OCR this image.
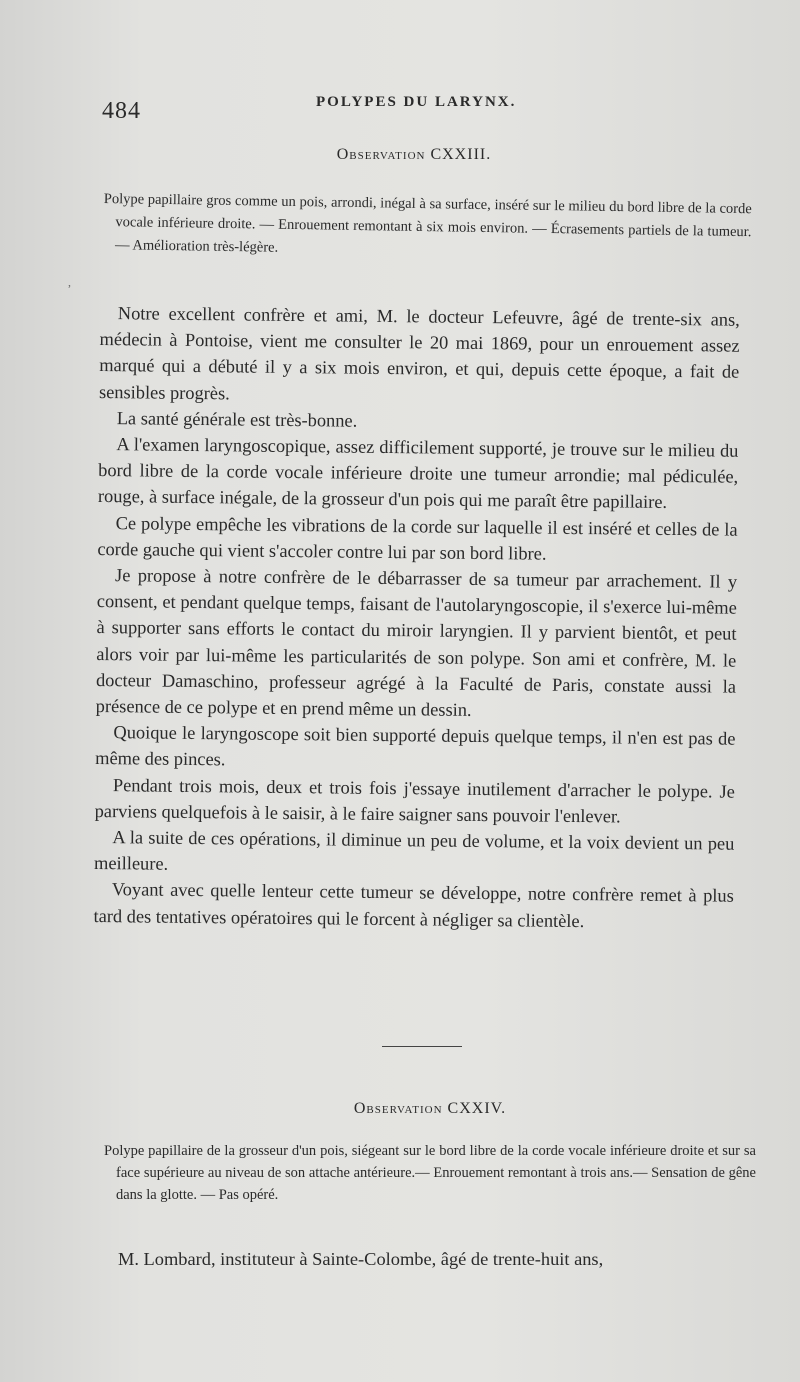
484	POLYPES DU LARYNX.
Observation CXXIII.
Polype papillaire gros comme un pois, arrondi, inégal à sa surface, inséré sur le milieu du bord libre de la corde vocale inférieure droite. — Enrouement remontant à six mois environ. — Écrasements partiels de la tumeur. — Amélioration très-légère.
,

Notre excellent confrère et ami, M. le docteur Lefeuvre, âgé de trente-six ans, médecin à Pontoise, vient me consulter le 20 mai 1869, pour un enrouement assez marqué qui a débuté il y a six mois environ, et qui, depuis cette époque, a fait de sensibles progrès.

La santé générale est très-bonne.

A l'examen laryngoscopique, assez difficilement supporté, je trouve sur le milieu du bord libre de la corde vocale inférieure droite une tumeur arrondie; mal pédiculée, rouge, à surface inégale, de la grosseur d'un pois qui me paraît être papillaire.

Ce polype empêche les vibrations de la corde sur laquelle il est inséré et celles de la corde gauche qui vient s'accoler contre lui par son bord libre.

Je propose à notre confrère de le débarrasser de sa tumeur par arrachement. Il y consent, et pendant quelque temps, faisant de l'autolaryngoscopie, il s'exerce lui-même à supporter sans efforts le contact du miroir laryngien. Il y parvient bientôt, et peut alors voir par lui-même les particularités de son polype. Son ami et confrère, M. le docteur Damaschino, professeur agrégé à la Faculté de Paris, constate aussi la présence de ce polype et en prend même un dessin.

Quoique le laryngoscope soit bien supporté depuis quelque temps, il n'en est pas de même des pinces.

Pendant trois mois, deux et trois fois j'essaye inutilement d'arracher le polype. Je parviens quelquefois à le saisir, à le faire saigner sans pouvoir l'enlever.

A la suite de ces opérations, il diminue un peu de volume, et la voix devient un peu meilleure.

Voyant avec quelle lenteur cette tumeur se développe, notre confrère remet à plus tard des tentatives opératoires qui le forcent à négliger sa clientèle.

Observation CXXIV.
Polype papillaire de la grosseur d'un pois, siégeant sur le bord libre de la corde vocale inférieure droite et sur sa face supérieure au niveau de son attache antérieure.— Enrouement remontant à trois ans.— Sensation de gêne dans la glotte. — Pas opéré.

M. Lombard, instituteur à Sainte-Colombe, âgé de trente-huit ans,
